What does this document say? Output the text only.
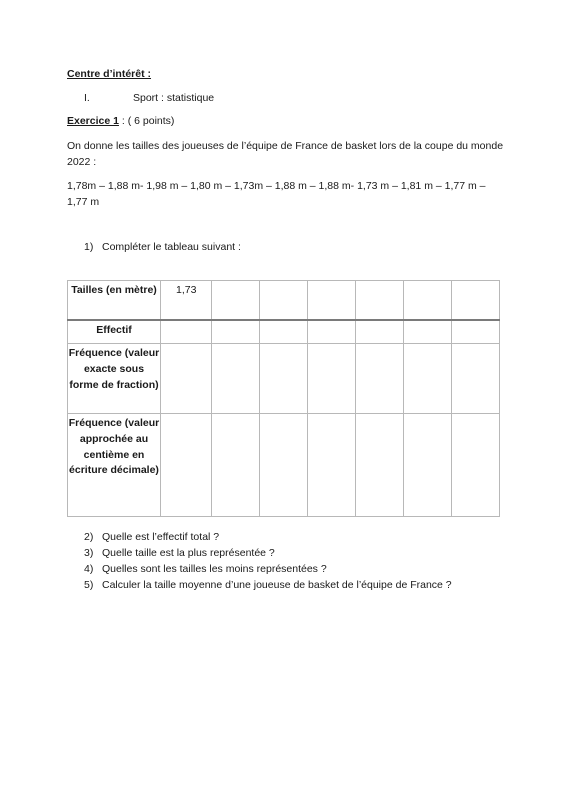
Centre d’intérêt :
I.	Sport : statistique
Exercice 1 : ( 6 points)
On donne les tailles des joueuses de l’équipe de France de basket lors de la coupe du monde 2022 :
1,78m – 1,88 m- 1,98 m – 1,80 m – 1,73m – 1,88 m – 1,88 m- 1,73 m – 1,81 m – 1,77 m – 1,77 m
1) Compléter le tableau suivant :
Tailles (en mètre)	1,73						
Effectif							
Fréquence (valeur exacte sous forme de fraction)							
Fréquence (valeur approchée au centième en écriture décimale)							
2) Quelle est l’effectif total ?
3) Quelle taille est la plus représentée ?
4) Quelles sont les tailles les moins représentées ?
5) Calculer la taille moyenne d’une joueuse de basket de l’équipe de France ?
